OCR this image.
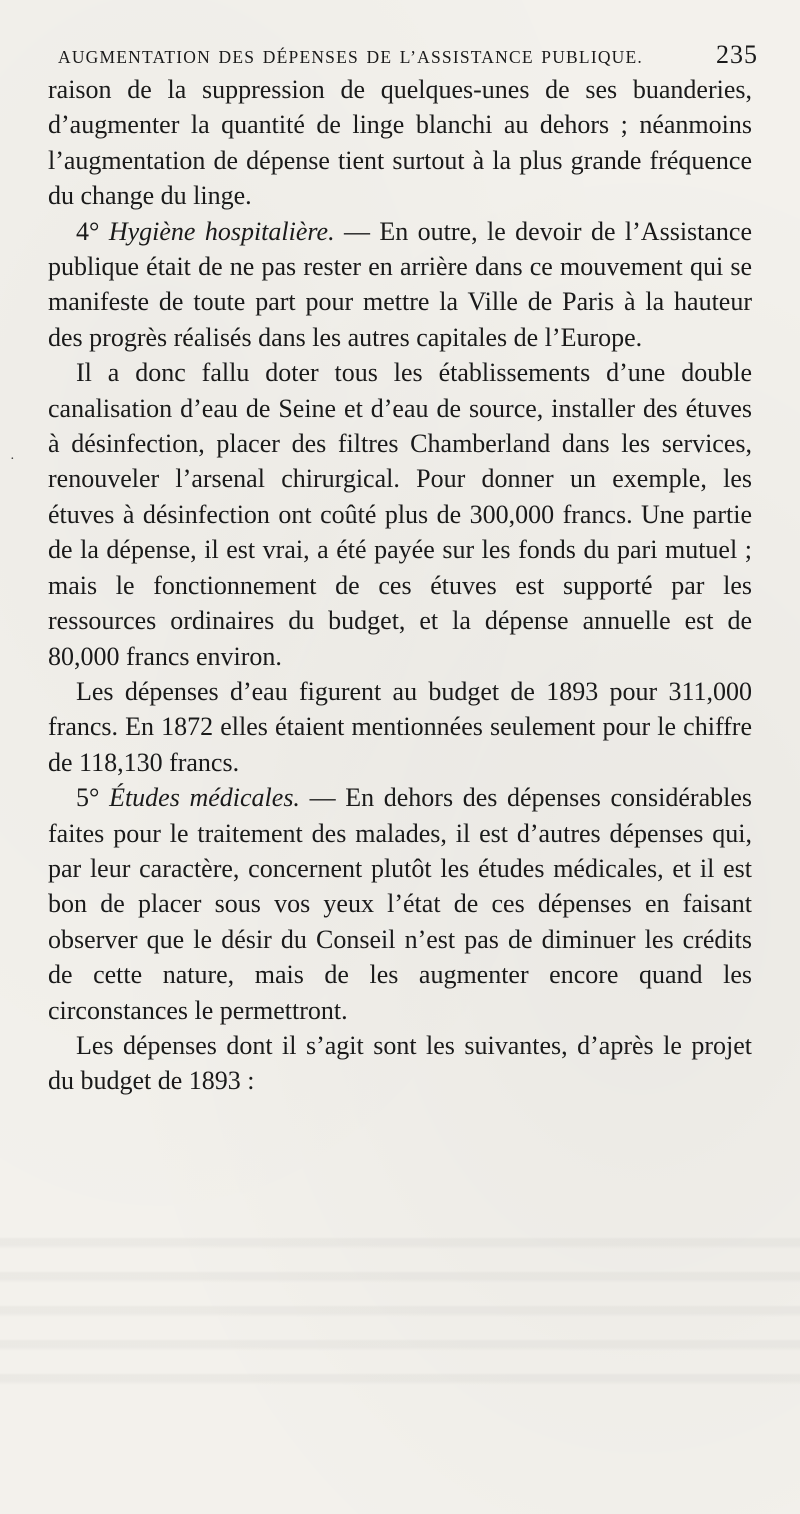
AUGMENTATION DES DÉPENSES DE L’ASSISTANCE PUBLIQUE.	235
·

raison de la suppression de quelques-unes de ses buanderies, d’augmenter la quantité de linge blanchi au dehors ; néanmoins l’augmentation de dépense tient surtout à la plus grande fréquence du change du linge.

4° Hygiène hospitalière. — En outre, le devoir de l’Assistance publique était de ne pas rester en arrière dans ce mouvement qui se manifeste de toute part pour mettre la Ville de Paris à la hauteur des progrès réalisés dans les autres capitales de l’Europe.

Il a donc fallu doter tous les établissements d’une double canalisation d’eau de Seine et d’eau de source, installer des étuves à désinfection, placer des filtres Chamberland dans les services, renouveler l’arsenal chirurgical. Pour donner un exemple, les étuves à désinfection ont coûté plus de 300,000 francs. Une partie de la dépense, il est vrai, a été payée sur les fonds du pari mutuel ; mais le fonctionnement de ces étuves est supporté par les ressources ordinaires du budget, et la dépense annuelle est de 80,000 francs environ.

Les dépenses d’eau figurent au budget de 1893 pour 311,000 francs. En 1872 elles étaient mentionnées seulement pour le chiffre de 118,130 francs.

5° Études médicales. — En dehors des dépenses considérables faites pour le traitement des malades, il est d’autres dépenses qui, par leur caractère, concernent plutôt les études médicales, et il est bon de placer sous vos yeux l’état de ces dépenses en faisant observer que le désir du Conseil n’est pas de diminuer les crédits de cette nature, mais de les augmenter encore quand les circonstances le permettront.

Les dépenses dont il s’agit sont les suivantes, d’après le projet du budget de 1893 :
